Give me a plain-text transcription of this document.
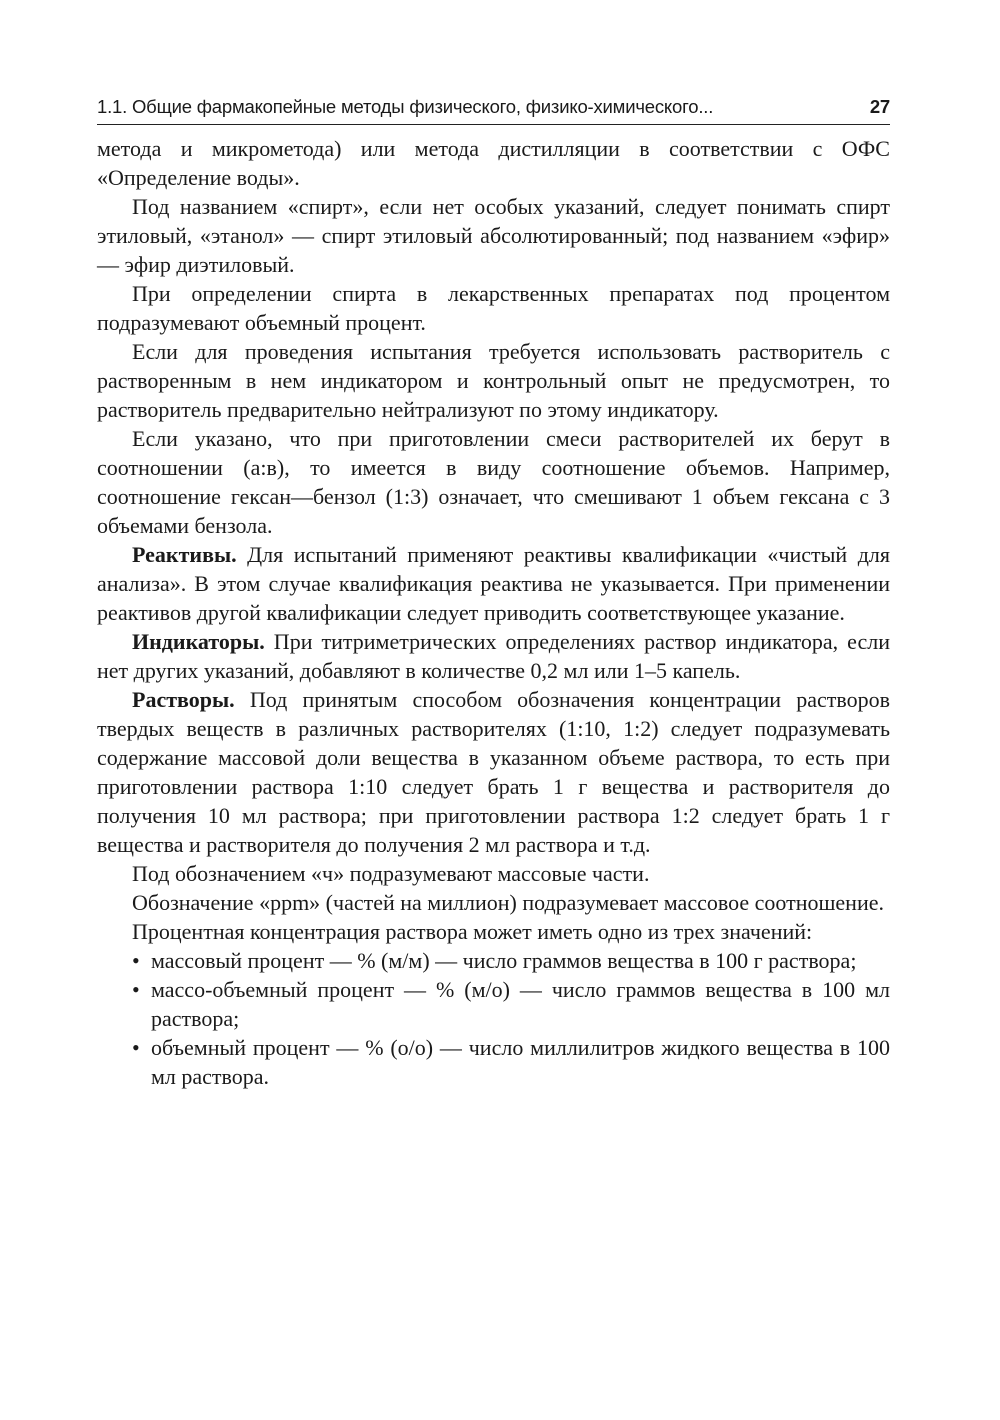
1.1. Общие фармакопейные методы физического, физико-химического...	27

метода и микрометода) или метода дистилляции в соответствии с ОФС «Определение воды».

Под названием «спирт», если нет особых указаний, следует понимать спирт этиловый, «этанол» — спирт этиловый абсолютированный; под названием «эфир» — эфир диэтиловый.

При определении спирта в лекарственных препаратах под процентом подразумевают объемный процент.

Если для проведения испытания требуется использовать растворитель с растворенным в нем индикатором и контрольный опыт не предусмотрен, то растворитель предварительно нейтрализуют по этому индикатору.

Если указано, что при приготовлении смеси растворителей их берут в соотношении (а:в), то имеется в виду соотношение объемов. Например, соотношение гексан—бензол (1:3) означает, что смешивают 1 объем гексана с 3 объемами бензола.

Реактивы. Для испытаний применяют реактивы квалификации «чистый для анализа». В этом случае квалификация реактива не указывается. При применении реактивов другой квалификации следует приводить соответствующее указание.

Индикаторы. При титриметрических определениях раствор индикатора, если нет других указаний, добавляют в количестве 0,2 мл или 1–5 капель.

Растворы. Под принятым способом обозначения концентрации растворов твердых веществ в различных растворителях (1:10, 1:2) следует подразумевать содержание массовой доли вещества в указанном объеме раствора, то есть при приготовлении раствора 1:10 следует брать 1 г вещества и растворителя до получения 10 мл раствора; при приготовлении раствора 1:2 следует брать 1 г вещества и растворителя до получения 2 мл раствора и т.д.

Под обозначением «ч» подразумевают массовые части.

Обозначение «ppm» (частей на миллион) подразумевает массовое соотношение.

Процентная концентрация раствора может иметь одно из трех значений:

• массовый процент — % (м/м) — число граммов вещества в 100 г раствора;
• массо-объемный процент — % (м/о) — число граммов вещества в 100 мл раствора;
• объемный процент — % (о/о) — число миллилитров жидкого вещества в 100 мл раствора.
